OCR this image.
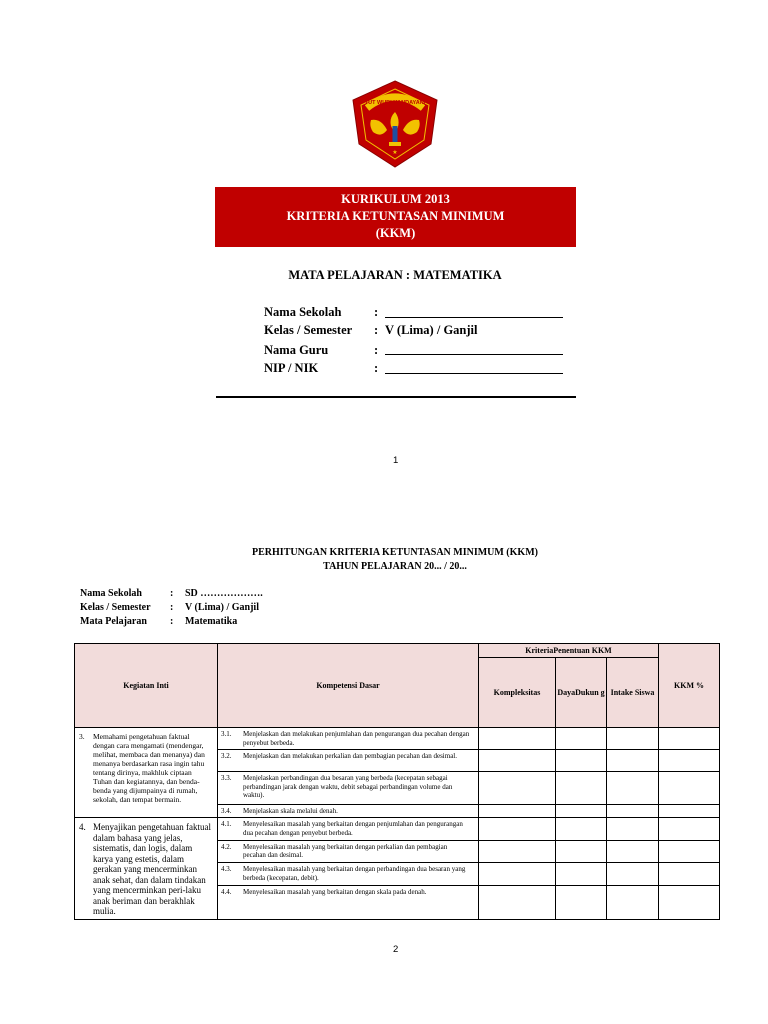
TUT WURI HANDAYANI
★
KURIKULUM 2013
KRITERIA KETUNTASAN MINIMUM
(KKM)
MATA PELAJARAN : MATEMATIKA
Nama Sekolah	:
Kelas / Semester : V (Lima) / Ganjil
Nama Guru	:
NIP / NIK	:
1
PERHITUNGAN KRITERIA KETUNTASAN MINIMUM (KKM)
TAHUN PELAJARAN 20... / 20...
Nama Sekolah	: SD ……………….
Kelas / Semester : V (Lima) / Ganjil
Mata Pelajaran : Matematika
Kegiatan Inti	Kompetensi Dasar	KriteriaPenentuan KKM			KKM %
		Kompleksitas	DayaDukun g	Intake Siswa	
3. Memahami pengetahuan faktual dengan cara mengamati (mendengar, melihat, membaca dan menanya) dan menanya berdasarkan rasa ingin tahu tentang dirinya, makhluk ciptaan Tuhan dan kegiatannya, dan benda-benda yang dijumpainya di rumah, sekolah, dan tempat bermain.	3.1. Menjelaskan dan melakukan penjumlahan dan pengurangan dua pecahan dengan penyebut berbeda.				
	3.2. Menjelaskan dan melakukan perkalian dan pembagian pecahan dan desimal.				
	3.3. Menjelaskan perbandingan dua besaran yang berbeda (kecepatan sebagai perbandingan jarak dengan waktu, debit sebagai perbandingan volume dan waktu).				
	3.4. Menjelaskan skala melalui denah.				
4. Menyajikan pengetahuan faktual dalam bahasa yang jelas, sistematis, dan logis, dalam karya yang estetis, dalam gerakan yang mencerminkan anak sehat, dan dalam tindakan yang mencerminkan peri-laku anak beriman dan berakhlak mulia.	4.1. Menyelesaikan masalah yang berkaitan dengan penjumlahan dan pengurangan dua pecahan dengan penyebut berbeda.				
	4.2. Menyelesaikan masalah yang berkaitan dengan perkalian dan pembagian pecahan dan desimal.				
	4.3. Menyelesaikan masalah yang berkaitan dengan perbandingan dua besaran yang berbeda (kecepatan, debit).				
	4.4. Menyelesaikan masalah yang berkaitan dengan skala pada denah.				
2
